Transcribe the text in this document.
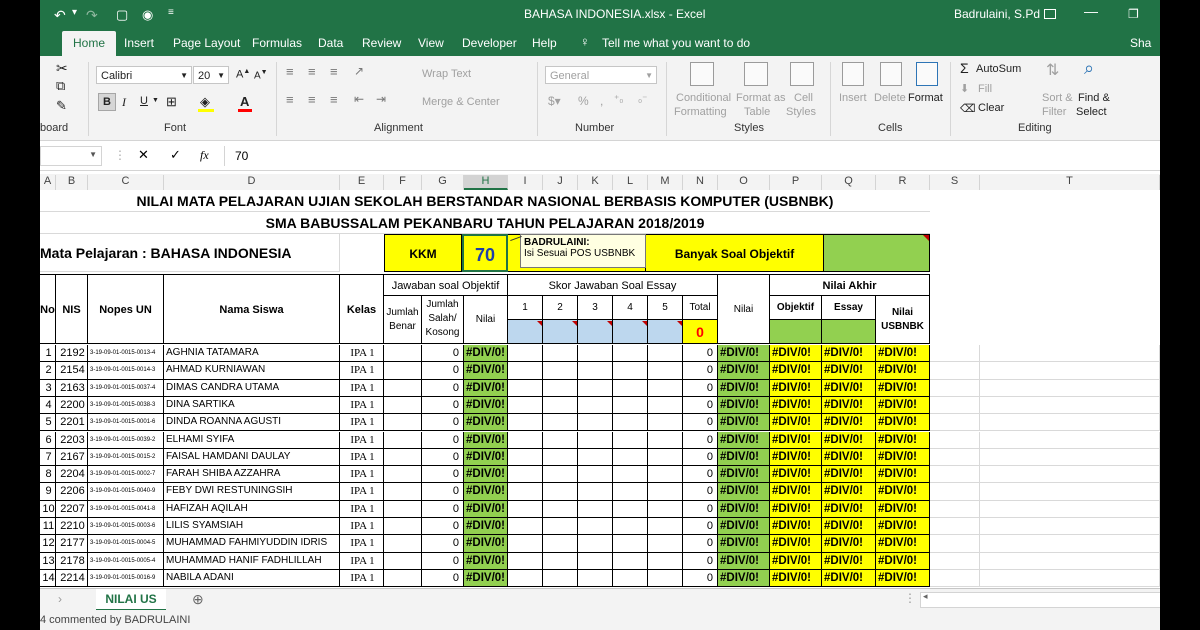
↶ ▾ ↷ ▢ ◉ ≡	BAHASA INDONESIA.xlsx - Excel	Badrulaini, S.Pd	—	❐
Home	Insert Page Layout Formulas Data Review View Developer Help ♀ Tell me what you want to do	Sha
✂
⧉
✎
board
Calibri	▼ 20 ▼ A▲ A▼
B I U ▼ ⊞ ◈ A
Font
≡ ≡ ≡ ↗	Wrap Text
≡ ≡ ≡ ⇤ ⇥	Merge & Center
Alignment
General	▼
$▾ % , ⁺₀ ₀⁻
Number
Conditional
Formatting
Format as
Table
Cell
Styles
Styles
Insert Delete Format
Cells
Σ AutoSum
⬇ Fill
⌫ Clear
⇅
Sort &
Filter
⌕
Find &
Select
Editing
▼ ⋮ ✕ ✓ fx 70
A	B	C	D	E	F	G	H	I	J	K	L	M	N	O	P	Q	R	S	T
NILAI MATA PELAJARAN UJIAN SEKOLAH BERSTANDAR NASIONAL BERBASIS KOMPUTER (USBNBK)
SMA BABUSSALAM PEKANBARU TAHUN PELAJARAN 2018/2019
Mata Pelajaran : BAHASA INDONESIA	KKM	70	Banyak Soal Objektif
BADRULAINI:
Isi Sesuai POS USBNBK
No NIS	Nopes UN	Nama Siswa	Kelas
Jawaban soal Objektif
Jumlah
Benar
Jumlah
Salah/
Kosong
Nilai
Skor Jawaban Soal Essay
1	2	3	4	5	Total
0
Nilai
Nilai Akhir
Objektif	Essay	Nilai
USBNBK
1 2192 3-19-09-01-0015-0013-4	AGHNIA TATAMARA	IPA 1	0 #DIV/0!	0 #DIV/0!	#DIV/0!	#DIV/0!	#DIV/0!
2 2154 3-19-09-01-0015-0014-3	AHMAD KURNIAWAN	IPA 1	0 #DIV/0!	0 #DIV/0!	#DIV/0!	#DIV/0!	#DIV/0!
3 2163 3-19-09-01-0015-0037-4	DIMAS CANDRA UTAMA	IPA 1	0 #DIV/0!	0 #DIV/0!	#DIV/0!	#DIV/0!	#DIV/0!
4 2200 3-19-09-01-0015-0038-3	DINA SARTIKA	IPA 1	0 #DIV/0!	0 #DIV/0!	#DIV/0!	#DIV/0!	#DIV/0!
5 2201 3-19-09-01-0015-0001-6	DINDA ROANNA AGUSTI	IPA 1	0 #DIV/0!	0 #DIV/0!	#DIV/0!	#DIV/0!	#DIV/0!
6 2203 3-19-09-01-0015-0039-2	ELHAMI SYIFA	IPA 1	0 #DIV/0!	0 #DIV/0!	#DIV/0!	#DIV/0!	#DIV/0!
7 2167 3-19-09-01-0015-0015-2	FAISAL HAMDANI DAULAY	IPA 1	0 #DIV/0!	0 #DIV/0!	#DIV/0!	#DIV/0!	#DIV/0!
8 2204 3-19-09-01-0015-0002-7	FARAH SHIBA AZZAHRA	IPA 1	0 #DIV/0!	0 #DIV/0!	#DIV/0!	#DIV/0!	#DIV/0!
9 2206 3-19-09-01-0015-0040-9	FEBY DWI RESTUNINGSIH	IPA 1	0 #DIV/0!	0 #DIV/0!	#DIV/0!	#DIV/0!	#DIV/0!
10 2207 3-19-09-01-0015-0041-8	HAFIZAH AQILAH	IPA 1	0 #DIV/0!	0 #DIV/0!	#DIV/0!	#DIV/0!	#DIV/0!
11 2210 3-19-09-01-0015-0003-6	LILIS SYAMSIAH	IPA 1	0 #DIV/0!	0 #DIV/0!	#DIV/0!	#DIV/0!	#DIV/0!
12 2177 3-19-09-01-0015-0004-5	MUHAMMAD FAHMIYUDDIN IDRIS	IPA 1	0 #DIV/0!	0 #DIV/0!	#DIV/0!	#DIV/0!	#DIV/0!
13 2178 3-19-09-01-0015-0005-4	MUHAMMAD HANIF FADHLILLAH	IPA 1	0 #DIV/0!	0 #DIV/0!	#DIV/0!	#DIV/0!	#DIV/0!
14 2214 3-19-09-01-0015-0016-9	NABILA ADANI	IPA 1	0 #DIV/0!	0 #DIV/0!	#DIV/0!	#DIV/0!	#DIV/0!
›	NILAI US	⊕	⋮ ◂
4 commented by BADRULAINI
